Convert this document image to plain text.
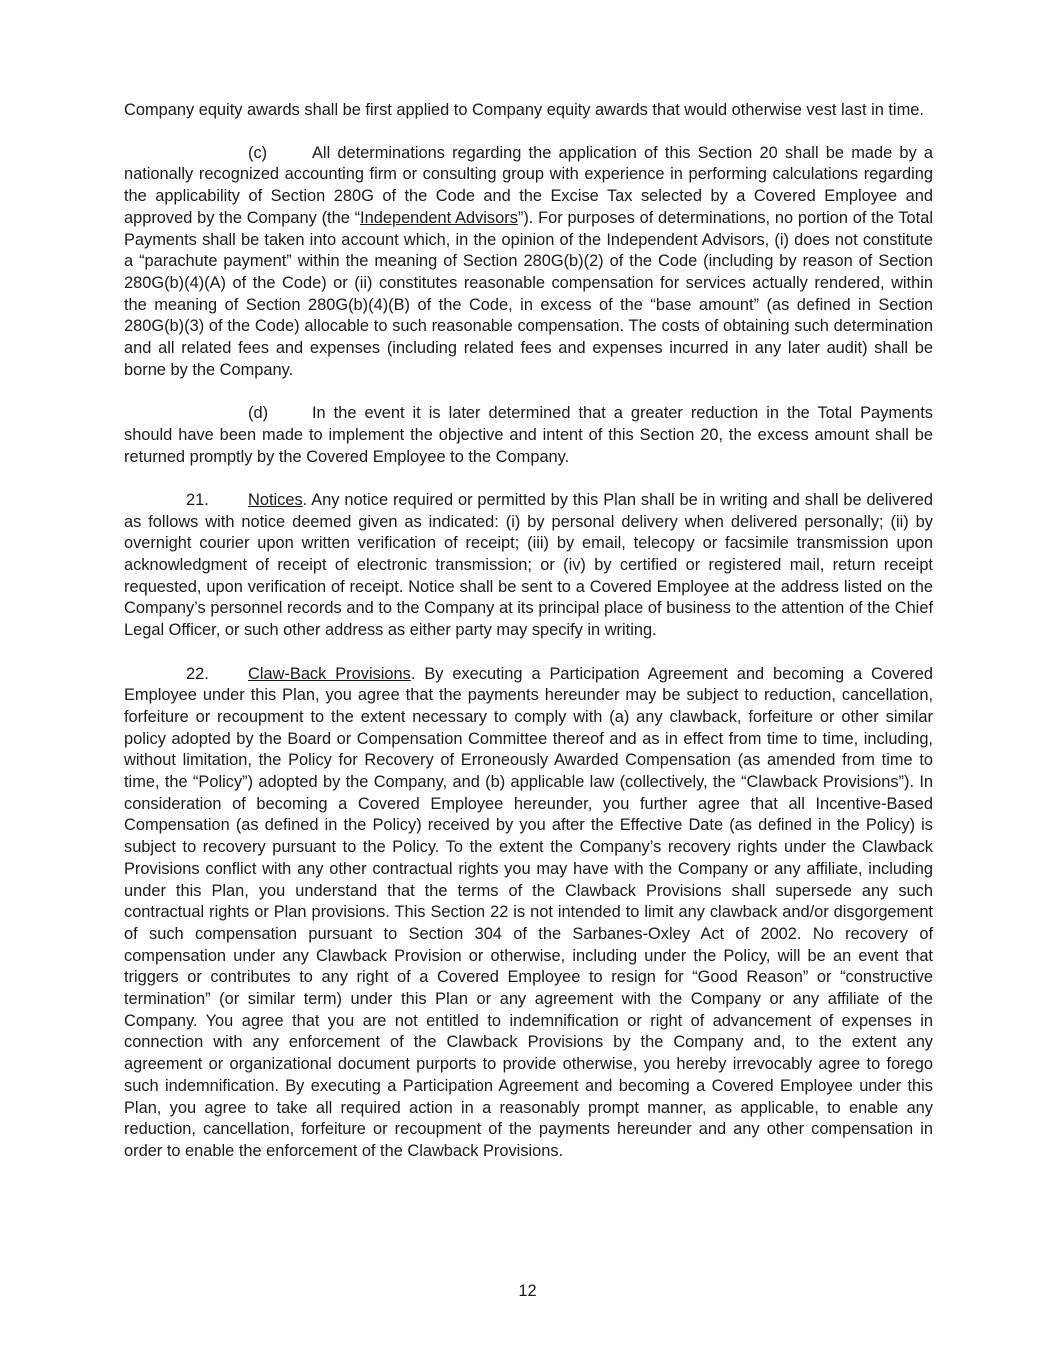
Company equity awards shall be first applied to Company equity awards that would otherwise vest last in time.

(c)	All determinations regarding the application of this Section 20 shall be made by a nationally recognized accounting firm or consulting group with experience in performing calculations regarding the applicability of Section 280G of the Code and the Excise Tax selected by a Covered Employee and approved by the Company (the “Independent Advisors”). For purposes of determinations, no portion of the Total Payments shall be taken into account which, in the opinion of the Independent Advisors, (i) does not constitute a “parachute payment” within the meaning of Section 280G(b)(2) of the Code (including by reason of Section 280G(b)(4)(A) of the Code) or (ii) constitutes reasonable compensation for services actually rendered, within the meaning of Section 280G(b)(4)(B) of the Code, in excess of the “base amount” (as defined in Section 280G(b)(3) of the Code) allocable to such reasonable compensation. The costs of obtaining such determination and all related fees and expenses (including related fees and expenses incurred in any later audit) shall be borne by the Company.

(d)	In the event it is later determined that a greater reduction in the Total Payments should have been made to implement the objective and intent of this Section 20, the excess amount shall be returned promptly by the Covered Employee to the Company.

21. Notices. Any notice required or permitted by this Plan shall be in writing and shall be delivered as follows with notice deemed given as indicated: (i) by personal delivery when delivered personally; (ii) by overnight courier upon written verification of receipt; (iii) by email, telecopy or facsimile transmission upon acknowledgment of receipt of electronic transmission; or (iv) by certified or registered mail, return receipt requested, upon verification of receipt. Notice shall be sent to a Covered Employee at the address listed on the Company’s personnel records and to the Company at its principal place of business to the attention of the Chief Legal Officer, or such other address as either party may specify in writing.

22. Claw-Back Provisions. By executing a Participation Agreement and becoming a Covered Employee under this Plan, you agree that the payments hereunder may be subject to reduction, cancellation, forfeiture or recoupment to the extent necessary to comply with (a) any clawback, forfeiture or other similar policy adopted by the Board or Compensation Committee thereof and as in effect from time to time, including, without limitation, the Policy for Recovery of Erroneously Awarded Compensation (as amended from time to time, the “Policy”) adopted by the Company, and (b) applicable law (collectively, the “Clawback Provisions”). In consideration of becoming a Covered Employee hereunder, you further agree that all Incentive-Based Compensation (as defined in the Policy) received by you after the Effective Date (as defined in the Policy) is subject to recovery pursuant to the Policy. To the extent the Company’s recovery rights under the Clawback Provisions conflict with any other contractual rights you may have with the Company or any affiliate, including under this Plan, you understand that the terms of the Clawback Provisions shall supersede any such contractual rights or Plan provisions. This Section 22 is not intended to limit any clawback and/or disgorgement of such compensation pursuant to Section 304 of the Sarbanes-Oxley Act of 2002. No recovery of compensation under any Clawback Provision or otherwise, including under the Policy, will be an event that triggers or contributes to any right of a Covered Employee to resign for “Good Reason” or “constructive termination” (or similar term) under this Plan or any agreement with the Company or any affiliate of the Company. You agree that you are not entitled to indemnification or right of advancement of expenses in connection with any enforcement of the Clawback Provisions by the Company and, to the extent any agreement or organizational document purports to provide otherwise, you hereby irrevocably agree to forego such indemnification. By executing a Participation Agreement and becoming a Covered Employee under this Plan, you agree to take all required action in a reasonably prompt manner, as applicable, to enable any reduction, cancellation, forfeiture or recoupment of the payments hereunder and any other compensation in order to enable the enforcement of the Clawback Provisions.

12
